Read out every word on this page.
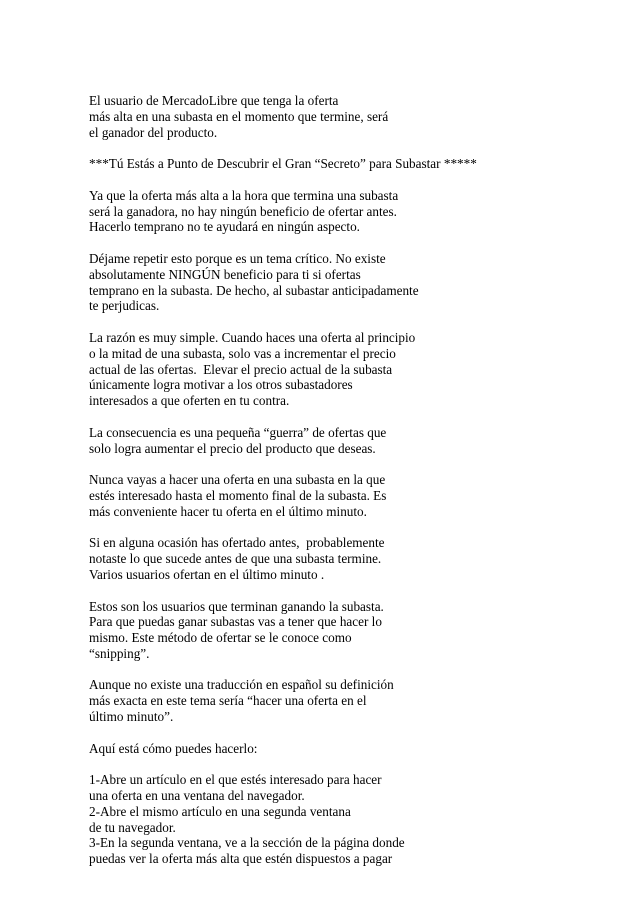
El usuario de MercadoLibre que tenga la oferta
más alta en una subasta en el momento que termine, será
el ganador del producto.
***Tú Estás a Punto de Descubrir el Gran “Secreto” para Subastar *****
Ya que la oferta más alta a la hora que termina una subasta
será la ganadora, no hay ningún beneficio de ofertar antes.
Hacerlo temprano no te ayudará en ningún aspecto.
Déjame repetir esto porque es un tema crítico. No existe
absolutamente NINGÚN beneficio para ti si ofertas
temprano en la subasta. De hecho, al subastar anticipadamente
te perjudicas.
La razón es muy simple. Cuando haces una oferta al principio
o la mitad de una subasta, solo vas a incrementar el precio
actual de las ofertas.  Elevar el precio actual de la subasta
únicamente logra motivar a los otros subastadores
interesados a que oferten en tu contra.
La consecuencia es una pequeña “guerra” de ofertas que
solo logra aumentar el precio del producto que deseas.
Nunca vayas a hacer una oferta en una subasta en la que
estés interesado hasta el momento final de la subasta. Es
más conveniente hacer tu oferta en el último minuto.
Si en alguna ocasión has ofertado antes,  probablemente
notaste lo que sucede antes de que una subasta termine.
Varios usuarios ofertan en el último minuto .
Estos son los usuarios que terminan ganando la subasta.
Para que puedas ganar subastas vas a tener que hacer lo
mismo. Este método de ofertar se le conoce como
“snipping”.
Aunque no existe una traducción en español su definición
más exacta en este tema sería “hacer una oferta en el
último minuto”.
Aquí está cómo puedes hacerlo:
1-Abre un artículo en el que estés interesado para hacer
una oferta en una ventana del navegador.
2-Abre el mismo artículo en una segunda ventana
de tu navegador.
3-En la segunda ventana, ve a la sección de la página donde
puedas ver la oferta más alta que estén dispuestos a pagar
